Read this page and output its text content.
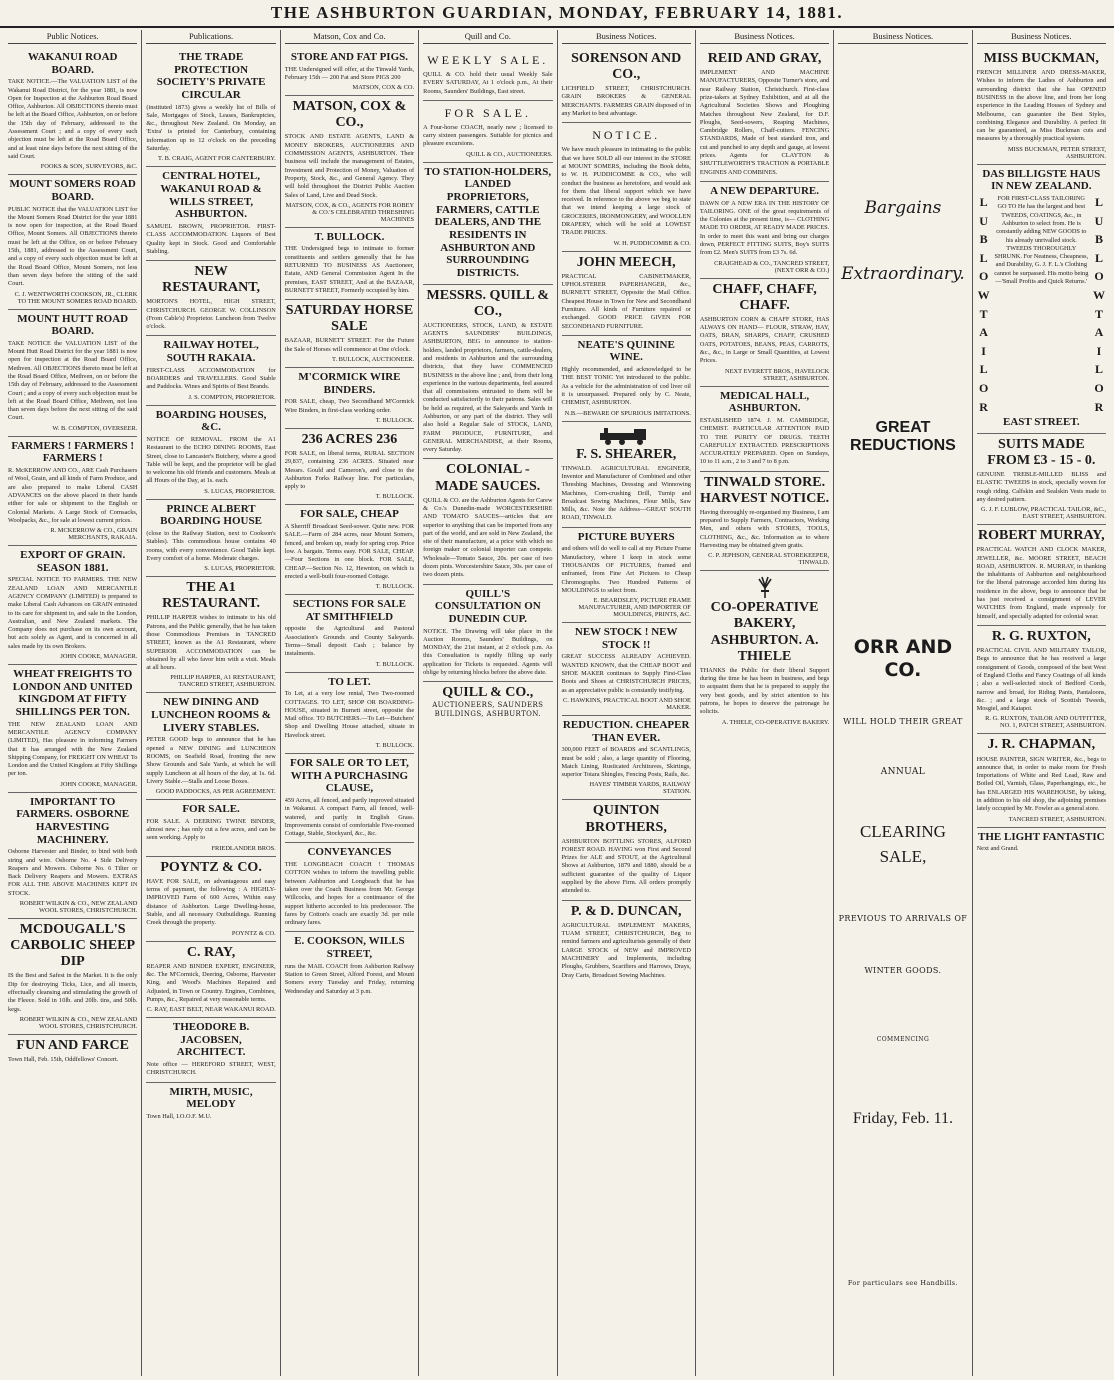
THE ASHBURTON GUARDIAN, MONDAY, FEBRUARY 14, 1881.
Public Notices.
WAKANUI ROAD BOARD.
TAKE NOTICE.—The VALUATION LIST of the Wakanui Road District, for the year 1881, is now Open for Inspection at the Ashburton Road Board Office, Ashburton. All OBJECTIONS thereto must be left at the Board Office, Ashburton, on or before the 15th day of February, addressed to the Assessment Court ; and a copy of every such objection must be left at the Road Board Office, and at least nine days before the next sitting of the said Court.
FOOKS & SON, SURVEYORS, &C.
MOUNT SOMERS ROAD BOARD.
PUBLIC NOTICE that the VALUATION LIST for the Mount Somers Road District for the year 1881 is now open for inspection, at the Road Board Office, Mount Somers. All OBJECTIONS thereto must be left at the Office, on or before February 15th, 1881, addressed to the Assessment Court, and a copy of every such objection must be left at the Road Board Office, Mount Somers, not less than seven days before the sitting of the said Court.
C. J. WENTWORTH COOKSON, JR., CLERK TO THE MOUNT SOMERS ROAD BOARD.
MOUNT HUTT ROAD BOARD.
TAKE NOTICE the VALUATION LIST of the Mount Hutt Road District for the year 1881 is now open for inspection at the Road Board Office, Methven. All OBJECTIONS thereto must be left at the Road Board Office, Methven, on or before the 15th day of February, addressed to the Assessment Court ; and a copy of every such objection must be left at the Road Board Office, Methven, not less than seven days before the next sitting of the said Court.
W. B. COMPTON, OVERSEER.
FARMERS ! FARMERS ! FARMERS !
R. McKERROW AND CO., ARE Cash Purchasers of Wool, Grain, and all kinds of Farm Produce, and are also prepared to make Liberal CASH ADVANCES on the above placed in their hands either for sale or shipment to the English or Colonial Markets. A Large Stock of Cornsacks, Woolpacks, &c., for sale at lowest current prices.
R. MCKERROW & CO., GRAIN MERCHANTS, RAKAIA.
EXPORT OF GRAIN. SEASON 1881.
SPECIAL NOTICE TO FARMERS. THE NEW ZEALAND LOAN AND MERCANTILE AGENCY COMPANY (LIMITED) is prepared to make Liberal Cash Advances on GRAIN entrusted to its care for shipment to, and sale in the London, Australian, and New Zealand markets. The Company does not purchase on its own account, but acts solely as Agent, and is concerned in all sales made by its own Brokers.
JOHN COOKE, MANAGER.
WHEAT FREIGHTS TO LONDON AND UNITED KINGDOM AT FIFTY SHILLINGS PER TON.
THE NEW ZEALAND LOAN AND MERCANTILE AGENCY COMPANY (LIMITED), Has pleasure in informing Farmers that it has arranged with the New Zealand Shipping Company, for FREIGHT ON WHEAT To London and the United Kingdom at Fifty Shillings per ton.
JOHN COOKE, MANAGER.
IMPORTANT TO FARMERS. OSBORNE HARVESTING MACHINERY.
Osborne Harvester and Binder, to bind with both string and wire. Osborne No. 4 Side Delivery Reapers and Mowers. Osborne No. 6 Tilter or Back Delivery Reapers and Mowers. EXTRAS FOR ALL THE ABOVE MACHINES KEPT IN STOCK.
ROBERT WILKIN & CO., NEW ZEALAND WOOL STORES, CHRISTCHURCH.
MCDOUGALL'S CARBOLIC SHEEP DIP
IS the Best and Safest in the Market. It is the only Dip for destroying Ticks, Lice, and all insects, effectually cleansing and stimulating the growth of the Fleece. Sold in 10lb. and 20lb. tins, and 50lb. kegs.
ROBERT WILKIN & CO., NEW ZEALAND WOOL STORES, CHRISTCHURCH.
FUN AND FARCE
Town Hall, Feb. 15th, Oddfellows' Concert.
Publications.
THE TRADE PROTECTION SOCIETY'S PRIVATE CIRCULAR
(instituted 1873) gives a weekly list of Bills of Sale, Mortgages of Stock, Leases, Bankruptcies, &c., throughout New Zealand. On Monday, an 'Extra' is printed for Canterbury, containing information up to 12 o'clock on the preceding Saturday.
T. B. CRAIG, AGENT FOR CANTERBURY.
CENTRAL HOTEL, WAKANUI ROAD & WILLS STREET, ASHBURTON.
SAMUEL BROWN, PROPRIETOR. FIRST-CLASS ACCOMMODATION. Liquors of Best Quality kept in Stock. Good and Comfortable Stabling.
NEW RESTAURANT,
MORTON'S HOTEL, HIGH STREET, CHRISTCHURCH. GEORGE W. COLLINSON (From Cable's) Proprietor. Luncheon from Twelve o'clock.
RAILWAY HOTEL, SOUTH RAKAIA.
FIRST-CLASS ACCOMMODATION for BOARDERS and TRAVELLERS. Good Stable and Paddocks. Wines and Spirits of Best Brands.
J. S. COMPTON, PROPRIETOR.
BOARDING HOUSES, &C.
NOTICE OF REMOVAL. FROM the A1 Restaurant to the ECHO DINING ROOMS, East Street, close to Lancaster's Butchery, where a good Table will be kept, and the proprietor will be glad to welcome his old friends and customers. Meals at all Hours of the Day, at 1s. each.
S. LUCAS, PROPRIETOR.
PRINCE ALBERT BOARDING HOUSE
(close to the Railway Station, next to Cookson's Stables). This commodious house contains 40 rooms, with every convenience. Good Table kept. Every comfort of a home. Moderate charges.
S. LUCAS, PROPRIETOR.
THE A1 RESTAURANT.
PHILLIP HARPER wishes to intimate to his old Patrons, and the Public generally, that he has taken those Commodious Premises in TANCRED STREET, known as the A1 Restaurant, where SUPERIOR ACCOMMODATION can be obtained by all who favor him with a visit. Meals at all hours.
PHILLIP HARPER, A1 RESTAURANT, TANCRED STREET, ASHBURTON.
NEW DINING AND LUNCHEON ROOMS & LIVERY STABLES.
PETER GOOD begs to announce that he has opened a NEW DINING and LUNCHEON ROOMS, on Seafield Road, fronting the new Show Grounds and Sale Yards, at which he will supply Luncheon at all hours of the day, at 1s. 6d. Livery Stable.—Stalls and Loose Boxes.
GOOD PADDOCKS, AS PER AGREEMENT.
FOR SALE.
FOR SALE. A DEERING TWINE BINDER, almost new ; has only cut a few acres, and can be seen working. Apply to
FRIEDLANDER BROS.
POYNTZ & CO.
HAVE FOR SALE, on advantageous and easy terms of payment, the following : A HIGHLY-IMPROVED Farm of 600 Acres, Within easy distance of Ashburton. Large Dwelling-house, Stable, and all necessary Outbuildings. Running Creek through the property.
POYNTZ & CO.
C. RAY,
REAPER AND BINDER EXPERT, ENGINEER, &c. The M'Cormick, Deering, Osborne, Harvester King, and Wood's Machines Repaired and Adjusted, in Town or Country. Engines, Combines, Pumps, &c., Repaired at very reasonable terms.
C. RAY, EAST BELT, NEAR WAKANUI ROAD.
THEODORE B. JACOBSEN, ARCHITECT.
Note office — HEREFORD STREET, WEST, CHRISTCHURCH.
MIRTH, MUSIC, MELODY
Town Hall, I.O.O.F. M.U.
Matson, Cox and Co.
STORE AND FAT PIGS.
THE Undersigned will offer, at the Tinwald Yards, February 15th — 200 Fat and Store PIGS 200
MATSON, COX & CO.
MATSON, COX & CO.,
STOCK AND ESTATE AGENTS, LAND & MONEY BROKERS, AUCTIONEERS AND COMMISSION AGENTS, ASHBURTON. Their business will include the management of Estates, Investment and Protection of Money, Valuation of Property, Stock, &c., and General Agency. They will hold throughout the District Public Auction Sales of Land, Live and Dead Stock.
MATSON, COX, & CO., AGENTS FOR ROBEY & CO.'S CELEBRATED THRESHING MACHINES
T. BULLOCK.
THE Undersigned begs to intimate to former constituents and settlers generally that he has RETURNED TO BUSINESS AS Auctioneer, Estate, AND General Commission Agent In the premises, EAST STREET, And at the BAZAAR, BURNETT STREET, Formerly occupied by him.
SATURDAY HORSE SALE
BAZAAR, BURNETT STREET. For the Future the Sale of Horses will commence at One o'clock.
T. BULLOCK, AUCTIONEER.
M'CORMICK WIRE BINDERS.
FOR SALE, cheap, Two Secondhand M'Cormick Wire Binders, in first-class working order.
T. BULLOCK.
236 ACRES 236
FOR SALE, on liberal terms, RURAL SECTION 29,837, containing 236 ACRES. Situated near Messrs. Gould and Cameron's, and close to the Ashburton Forks Railway line. For particulars, apply to
T. BULLOCK.
FOR SALE, CHEAP
A Sherriff Broadcast Seed-sower. Quite new. FOR SALE.—Farm of 284 acres, near Mount Somers, fenced, and broken up, ready for spring crop. Price low. A bargain. Terms easy. FOR SALE, CHEAP.—Four Sections in one block. FOR SALE, CHEAP.—Section No. 12, Hewnton, on which is erected a well-built four-roomed Cottage.
T. BULLOCK.
SECTIONS FOR SALE AT SMITHFIELD
opposite the Agricultural and Pastoral Association's Grounds and County Saleyards. Terms—Small deposit Cash ; balance by instalments.
T. BULLOCK.
TO LET.
To Let, at a very low rental, Two Two-roomed COTTAGES. TO LET, SHOP OR BOARDING-HOUSE, situated in Burnett street, opposite the Mail office. TO BUTCHERS.—To Let—Butchers' Shop and Dwelling House attached, situate in Havelock street.
T. BULLOCK.
FOR SALE OR TO LET, WITH A PURCHASING CLAUSE,
459 Acres, all fenced, and partly improved situated in Wakanui. A compact Farm, all fenced, well-watered, and partly in English Grass. Improvements consist of comfortable Five-roomed Cottage, Stable, Stockyard, &c., &c.
CONVEYANCES
THE LONGBEACH COACH ! THOMAS COTTON wishes to inform the travelling public between Ashburton and Longbeach that he has taken over the Coach Business from Mr. George Willcocks, and hopes for a continuance of the support hitherto accorded to his predecessor. The fares by Cotton's coach are exactly 3d. per mile ordinary fares.
E. COOKSON, WILLS STREET,
runs the MAIL COACH from Ashburton Railway Station to Green Street, Alford Forest, and Mount Somers every Tuesday and Friday, returning Wednesday and Saturday at 3 p.m.
Quill and Co.
WEEKLY SALE.
QUILL & CO. hold their usual Weekly Sale EVERY SATURDAY, At 1 o'clock p.m., At their Rooms, Saunders' Buildings, East street.
FOR SALE.
A Four-horse COACH, nearly new ; licensed to carry sixteen passengers. Suitable for picnics and pleasure excursions.
QUILL & CO., AUCTIONEERS.
TO STATION-HOLDERS, LANDED PROPRIETORS, FARMERS, CATTLE DEALERS, AND THE RESIDENTS IN ASHBURTON AND SURROUNDING DISTRICTS.
MESSRS. QUILL & CO.,
AUCTIONEERS, STOCK, LAND, & ESTATE AGENTS SAUNDERS' BUILDINGS, ASHBURTON, BEG to announce to station-holders, landed proprietors, farmers, cattle-dealers, and residents in Ashburton and the surrounding districts, that they have COMMENCED BUSINESS in the above line ; and, from their long experience in the various departments, feel assured that all commissions entrusted to them will be conducted satisfactorily to their patrons. Sales will be held as required, at the Saleyards and Yards in Ashburton, or any part of the district. They will also hold a Regular Sale of STOCK, LAND, FARM PRODUCE, FURNITURE, and GENERAL MERCHANDISE, at their Rooms, every Saturday.
COLONIAL - MADE SAUCES.
QUILL & CO. are the Ashburton Agents for Carew & Co.'s Dunedin-made WORCESTERSHIRE AND TOMATO SAUCES—articles that are superior to anything that can be imported from any part of the world, and are sold in New Zealand, the site of their manufacture, at a price with which no foreign maker or colonial importer can compete. Wholesale—Tomato Sauce, 20s. per case of two dozen pints. Worcestershire Sauce, 30s. per case of two dozen pints.
QUILL'S CONSULTATION ON DUNEDIN CUP.
NOTICE. The Drawing will take place in the Auction Rooms, Saunders' Buildings, on MONDAY, the 21st instant, at 2 o'clock p.m. As this Consultation is rapidly filling up early application for Tickets is requested. Agents will oblige by returning blocks before the above date.
QUILL & CO.,
AUCTIONEERS, SAUNDERS BUILDINGS, ASHBURTON.
Business Notices.
SORENSON AND CO.,
LICHFIELD STREET, CHRISTCHURCH. GRAIN BROKERS & GENERAL MERCHANTS. FARMERS GRAIN disposed of in any Market to best advantage.
NOTICE.
We have much pleasure in intimating to the public that we have SOLD all our interest in the STORE at MOUNT SOMERS, including the Book debts, to W. H. PUDDICOMBE & CO., who will conduct the business as heretofore, and would ask for them that liberal support which we have received. In reference to the above we beg to state that we intend keeping a large stock of GROCERIES, IRONMONGERY, and WOOLLEN DRAPERY, which will be sold at LOWEST TRADE PRICES.
W. H. PUDDICOMBE & CO.
JOHN MEECH,
PRACTICAL CABINETMAKER, UPHOLSTERER PAPERHANGER, &c., BURNETT STREET, Opposite the Mail Office. Cheapest House in Town for New and Secondhand Furniture. All kinds of Furniture repaired or exchanged. GOOD PRICE GIVEN FOR SECONDHAND FURNITURE.
NEATE'S QUININE WINE.
Highly recommended, and acknowledged to be THE BEST TONIC Yet introduced to the public. As a vehicle for the administration of cod liver oil it is unsurpassed. Prepared only by C. Neate, CHEMIST, ASHBURTON.
N.B.—BEWARE OF SPURIOUS IMITATIONS.
F. S. SHEARER,
TINWALD. AGRICULTURAL ENGINEER, Inventor and Manufacturer of Combined and other Threshing Machines, Dressing and Winnowing Machines, Corn-crushing Drill, Turnip and Broadcast Sowing Machines, Flour Mills, Saw Mills, &c. Note the Address—GREAT SOUTH ROAD, TINWALD.
PICTURE BUYERS
and others will do well to call at my Picture Frame Manufactory, where I keep in stock some THOUSANDS OF PICTURES, framed and unframed, from Fine Art Pictures to Cheap Chromographs. Two Hundred Patterns of MOULDINGS to select from.
E. BEARDSLEY, PICTURE FRAME MANUFACTURER, AND IMPORTER OF MOULDINGS, PRINTS, &C.
NEW STOCK ! NEW STOCK !!
GREAT SUCCESS ALREADY ACHIEVED. WANTED KNOWN, that the CHEAP BOOT and SHOE MAKER continues to Supply First-Class Boots and Shoes at CHRISTCHURCH PRICES, as an appreciative public is constantly testifying.
C. HAWKINS, PRACTICAL BOOT AND SHOE MAKER.
REDUCTION. CHEAPER THAN EVER.
300,000 FEET of BOARDS and SCANTLINGS, must be sold ; also, a large quantity of Flooring, Match Lining, Rusticated Architraves, Skirtings, superior Totara Shingles, Fencing Posts, Rails, &c.
HAYES' TIMBER YARDS, RAILWAY STATION.
QUINTON BROTHERS,
ASHBURTON BOTTLING STORES, ALFORD FOREST ROAD. HAVING won First and Second Prizes for ALE and STOUT, at the Agricultural Shows at Ashburton, 1879 and 1880, should be a sufficient guarantee of the quality of Liquor supplied by the above Firm. All orders promptly attended to.
P. & D. DUNCAN,
AGRICULTURAL IMPLEMENT MAKERS, TUAM STREET, CHRISTCHURCH, Beg to remind farmers and agriculturists generally of their LARGE STOCK of NEW and IMPROVED MACHINERY and Implements, including Ploughs, Grubbers, Scarifiers and Harrows, Drays, Dray Carts, Broadcast Sowing Machines.
Business Notices.
REID AND GRAY,
IMPLEMENT AND MACHINE MANUFACTURERS, Opposite Turner's store, and near Railway Station, Christchurch. First-class prize-takers at Sydney Exhibition, and at all the Agricultural Societies Shows and Ploughing Matches throughout New Zealand, for D.F. Ploughs, Seed-sowers, Reaping Machines, Cambridge Rollers, Chaff-cutters. FENCING STANDARDS, Made of best standard iron, and cut and punched to any depth and gauge, at lowest prices. Agents for CLAYTON & SHUTTLEWORTH'S TRACTION & PORTABLE ENGINES AND COMBINES.
A NEW DEPARTURE.
DAWN OF A NEW ERA IN THE HISTORY OF TAILORING. ONE of the great requirements of the Colonies at the present time, is— CLOTHING MADE TO ORDER, AT READY MADE PRICES. In order to meet this want and bring our charges down, PERFECT FITTING SUITS, Boy's SUITS from £2. Men's SUITS from £3 7s. 6d.
CRAIGHEAD & CO., TANCRED STREET, (NEXT ORR & CO.)
CHAFF, CHAFF, CHAFF.
ASHBURTON CORN & CHAFF STORE, HAS ALWAYS ON HAND— FLOUR, STRAW, HAY, OATS, BRAN, SHARPS, CHAFF, CRUSHED OATS, POTATOES, BEANS, PEAS, CARROTS, &c., &c., in Large or Small Quantities, at Lowest Prices.
NEXT EVERETT BROS., HAVELOCK STREET, ASHBURTON.
MEDICAL HALL, ASHBURTON.
ESTABLISHED 1874. J. M. CAMBRIDGE, CHEMIST. PARTICULAR ATTENTION PAID TO THE PURITY OF DRUGS. TEETH CAREFULLY EXTRACTED. PRESCRIPTIONS ACCURATELY PREPARED. Open on Sundays, 10 to 11 a.m., 2 to 3 and 7 to 8 p.m.
TINWALD STORE. HARVEST NOTICE.
Having thoroughly re-organised my Business, I am prepared to Supply Farmers, Contractors, Working Men, and others with STORES, TOOLS, CLOTHING, &c., &c. Information as to where Harvesting may be obtained given gratis.
C. P. JEPHSON, GENERAL STOREKEEPER, TINWALD.
CO-OPERATIVE BAKERY, ASHBURTON. A. THIELE
THANKS the Public for their liberal Support during the time he has been in business, and begs to acquaint them that he is prepared to supply the very best goods, and by strict attention to his patrons, he hopes to deserve the patronage he solicits.
A. THIELE, CO-OPERATIVE BAKERY.
Business Notices.
Bargains
Extraordinary.
GREAT REDUCTIONS
ORR AND CO.
WILL HOLD THEIR GREAT
ANNUAL
CLEARING SALE,
PREVIOUS TO ARRIVALS OF
WINTER GOODS.
COMMENCING
Friday, Feb. 11.
For particulars see Handbills.
Business Notices.
MISS BUCKMAN,
FRENCH MILLINER AND DRESS-MAKER, Wishes to inform the Ladies of Ashburton and surrounding district that she has OPENED BUSINESS in the above line, and from her long experience in the Leading Houses of Sydney and Melbourne, can guarantee the Best Styles, combining Elegance and Durability. A perfect fit can be guaranteed, as Miss Buckman cuts and measures by a thoroughly practical system.
MISS BUCKMAN, PETER STREET, ASHBURTON.
DAS BILLIGSTE HAUS IN NEW ZEALAND.
L
U
B
L
O
W
T
A
I
L
O
R
FOR FIRST-CLASS TAILORING GO TO He has the largest and best TWEEDS, COATINGS, &c., in Ashburton to select from. He is constantly adding NEW GOODS to his already unrivalled stock. TWEEDS THOROUGHLY SHRUNK. For Neatness, Cheapness, and Durability, G. J. F. L.'s Clothing cannot be surpassed. His motto being—'Small Profits and Quick Returns.'
L
U
B
L
O
W
T
A
I
L
O
R
EAST STREET.
SUITS MADE FROM £3 - 15 - 0.
GENUINE TREBLE-MILLED BLISS and ELASTIC TWEEDS in stock, specially woven for rough riding. Calfskin and Sealskin Vests made to any desired pattern.
G. J. F. LUBLOW, PRACTICAL TAILOR, &C., EAST STREET, ASHBURTON.
ROBERT MURRAY,
PRACTICAL WATCH AND CLOCK MAKER, JEWELLER, &c. MOORE STREET, BEACH ROAD, ASHBURTON. R. MURRAY, in thanking the inhabitants of Ashburton and neighbourhood for the liberal patronage accorded him during his residence in the above, begs to announce that he has just received a consignment of LEVER WATCHES from England, made expressly for himself, and specially adapted for colonial wear.
R. G. RUXTON,
PRACTICAL CIVIL AND MILITARY TAILOR, Begs to announce that he has received a large consignment of Goods, composed of the best West of England Cloths and Fancy Coatings of all kinds ; also a well-selected stock of Bedford Cords, narrow and broad, for Riding Pants, Pantaloons, &c. ; and a large stock of Scottish Tweeds, Mosgiel, and Kaiapoi.
R. G. RUXTON, TAILOR AND OUTFITTER, NO. 1, PATCH STREET, ASHBURTON.
J. R. CHAPMAN,
HOUSE PAINTER, SIGN WRITER, &c., begs to announce that, in order to make room for Fresh Importations of White and Red Lead, Raw and Boiled Oil, Varnish, Glass, Paperhangings, etc., he has ENLARGED HIS WAREHOUSE, by taking, in addition to his old shop, the adjoining premises lately occupied by Mr. Fowler as a general store.
TANCRED STREET, ASHBURTON.
THE LIGHT FANTASTIC
Next and Grand.
